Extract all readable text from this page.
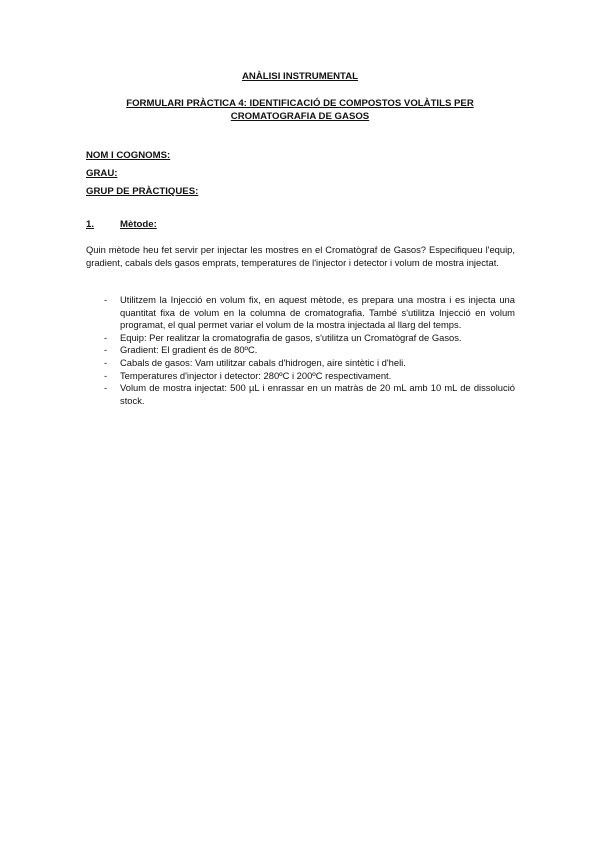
ANÀLISI INSTRUMENTAL
FORMULARI PRÀCTICA 4: IDENTIFICACIÓ DE COMPOSTOS VOLÀTILS PER CROMATOGRAFIA DE GASOS
NOM I COGNOMS:
GRAU:
GRUP DE PRÀCTIQUES:
1.	Mètode:
Quin mètode heu fet servir per injectar les mostres en el Cromatògraf de Gasos? Especifiqueu l'equip, gradient, cabals dels gasos emprats, temperatures de l'injector i detector i volum de mostra injectat.
- Utilitzem la Injecció en volum fix, en aquest mètode, es prepara una mostra i es injecta una quantitat fixa de volum en la columna de cromatografia. També s'utilitza Injecció en volum programat, el qual permet variar el volum de la mostra injectada al llarg del temps.
- Equip: Per realitzar la cromatografia de gasos, s'utilitza un Cromatògraf de Gasos.
- Gradient: El gradient és de 80ºC.
- Cabals de gasos: Vam utilitzar cabals d'hidrogen, aire sintètic i d'heli.
- Temperatures d'injector i detector: 280ºC i 200ºC respectivament.
- Volum de mostra injectat: 500 µL i enrassar en un matràs de 20 mL amb 10 mL de dissolució stock.
